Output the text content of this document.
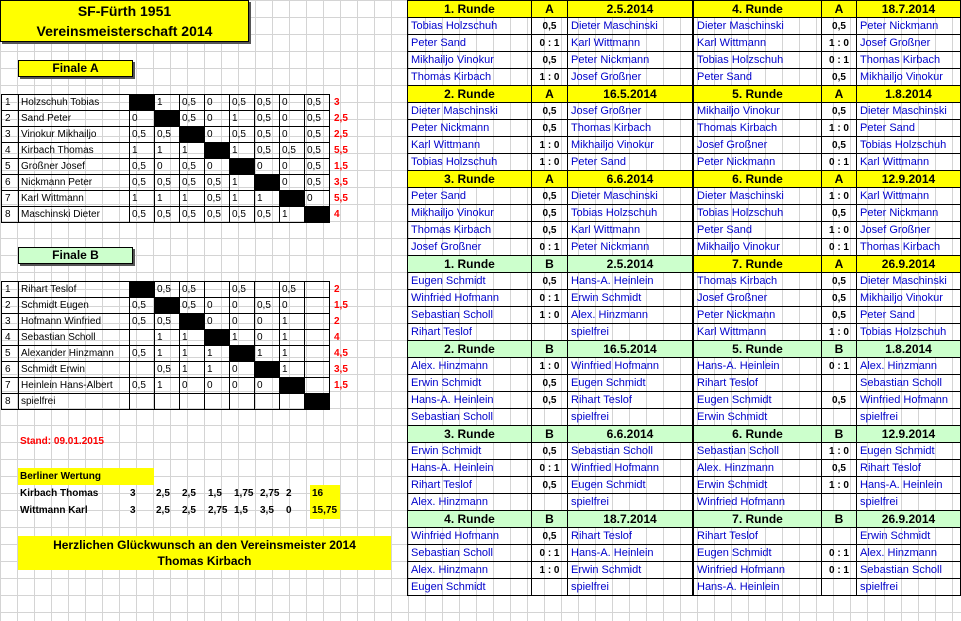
SF-Fürth 1951
Vereinsmeisterschaft 2014
Finale A
1	Holzschuh Tobias		1	0,5	0	0,5	0,5	0	0,5	3
2	Sand Peter	0		0,5	0	1	0,5	0	0,5	2,5
3	Vinokur Mikhailjo	0,5	0,5		0	0,5	0,5	0	0,5	2,5
4	Kirbach Thomas	1	1	1		1	0,5	0,5	0,5	5,5
5	Großner Josef	0,5	0	0,5	0		0	0	0,5	1,5
6	Nickmann Peter	0,5	0,5	0,5	0,5	1		0	0,5	3,5
7	Karl Wittmann	1	1	1	0,5	1	1		0	5,5
8	Maschinski Dieter	0,5	0,5	0,5	0,5	0,5	0,5	1		4
Finale B
1	Rihart Teslof		0,5	0,5		0,5		0,5		2
2	Schmidt Eugen	0,5		0,5	0	0	0,5	0		1,5
3	Hofmann Winfried	0,5	0,5		0	0	0	1		2
4	Sebastian Scholl		1	1		1	0	1		4
5	Alexander Hinzmann	0,5	1	1	1		1	1		4,5
6	Schmidt Erwin		0,5	1	1	0		1		3,5
7	Heinlein Hans-Albert	0,5	1	0	0	0	0			1,5
8	spielfrei									
Stand: 09.01.2015
Berliner Wertung								
Kirbach Thomas	3	2,5	2,5	1,5	1,75	2,75	2	16
Wittmann Karl	3	2,5	2,5	2,75	1,5	3,5	0	15,75
Herzlichen Glückwunsch an den Vereinsmeister 2014
Thomas Kirbach
1. Runde	A	2.5.2014
Tobias Holzschuh	0,5	Dieter Maschinski
Peter Sand	0 : 1	Karl Wittmann
Mikhailjo Vinokur	0,5	Peter Nickmann
Thomas Kirbach	1 : 0	Josef Großner
2. Runde	A	16.5.2014
Dieter Maschinski	0,5	Josef Großner
Peter Nickmann	0,5	Thomas Kirbach
Karl Wittmann	1 : 0	Mikhailjo Vinokur
Tobias Holzschuh	1 : 0	Peter Sand
3. Runde	A	6.6.2014
Peter Sand	0,5	Dieter Maschinski
Mikhailjo Vinokur	0,5	Tobias Holzschuh
Thomas Kirbach	0,5	Karl Wittmann
Josef Großner	0 : 1	Peter Nickmann
1. Runde	B	2.5.2014
Eugen Schmidt	0,5	Hans-A. Heinlein
Winfried Hofmann	0 : 1	Erwin Schmidt
Sebastian Scholl	1 : 0	Alex. Hinzmann
Rihart Teslof		spielfrei
2. Runde	B	16.5.2014
Alex. Hinzmann	1 : 0	Winfried Hofmann
Erwin Schmidt	0,5	Eugen Schmidt
Hans-A. Heinlein	0,5	Rihart Teslof
Sebastian Scholl		spielfrei
3. Runde	B	6.6.2014
Erwin Schmidt	0,5	Sebastian Scholl
Hans-A. Heinlein	0 : 1	Winfried Hofmann
Rihart Teslof	0,5	Eugen Schmidt
Alex. Hinzmann		spielfrei
4. Runde	B	18.7.2014
Winfried Hofmann	0,5	Rihart Teslof
Sebastian Scholl	0 : 1	Hans-A. Heinlein
Alex. Hinzmann	1 : 0	Erwin Schmidt
Eugen Schmidt		spielfrei
4. Runde	A	18.7.2014
Dieter Maschinski	0,5	Peter Nickmann
Karl Wittmann	1 : 0	Josef Großner
Tobias Holzschuh	0 : 1	Thomas Kirbach
Peter Sand	0,5	Mikhailjo Vinokur
5. Runde	A	1.8.2014
Mikhailjo Vinokur	0,5	Dieter Maschinski
Thomas Kirbach	1 : 0	Peter Sand
Josef Großner	0,5	Tobias Holzschuh
Peter Nickmann	0 : 1	Karl Wittmann
6. Runde	A	12.9.2014
Dieter Maschinski	1 : 0	Karl Wittmann
Tobias Holzschuh	0,5	Peter Nickmann
Peter Sand	1 : 0	Josef Großner
Mikhailjo Vinokur	0 : 1	Thomas Kirbach
7. Runde	A	26.9.2014
Thomas Kirbach	0,5	Dieter Maschinski
Josef Großner	0,5	Mikhailjo Vinokur
Peter Nickmann	0,5	Peter Sand
Karl Wittmann	1 : 0	Tobias Holzschuh
5. Runde	B	1.8.2014
Hans-A. Heinlein	0 : 1	Alex. Hinzmann
Rihart Teslof		Sebastian Scholl
Eugen Schmidt	0,5	Winfried Hofmann
Erwin Schmidt		spielfrei
6. Runde	B	12.9.2014
Sebastian Scholl	1 : 0	Eugen Schmidt
Alex. Hinzmann	0,5	Rihart Teslof
Erwin Schmidt	1 : 0	Hans-A. Heinlein
Winfried Hofmann		spielfrei
7. Runde	B	26.9.2014
Rihart Teslof		Erwin Schmidt
Eugen Schmidt	0 : 1	Alex. Hinzmann
Winfried Hofmann	0 : 1	Sebastian Scholl
Hans-A. Heinlein		spielfrei
